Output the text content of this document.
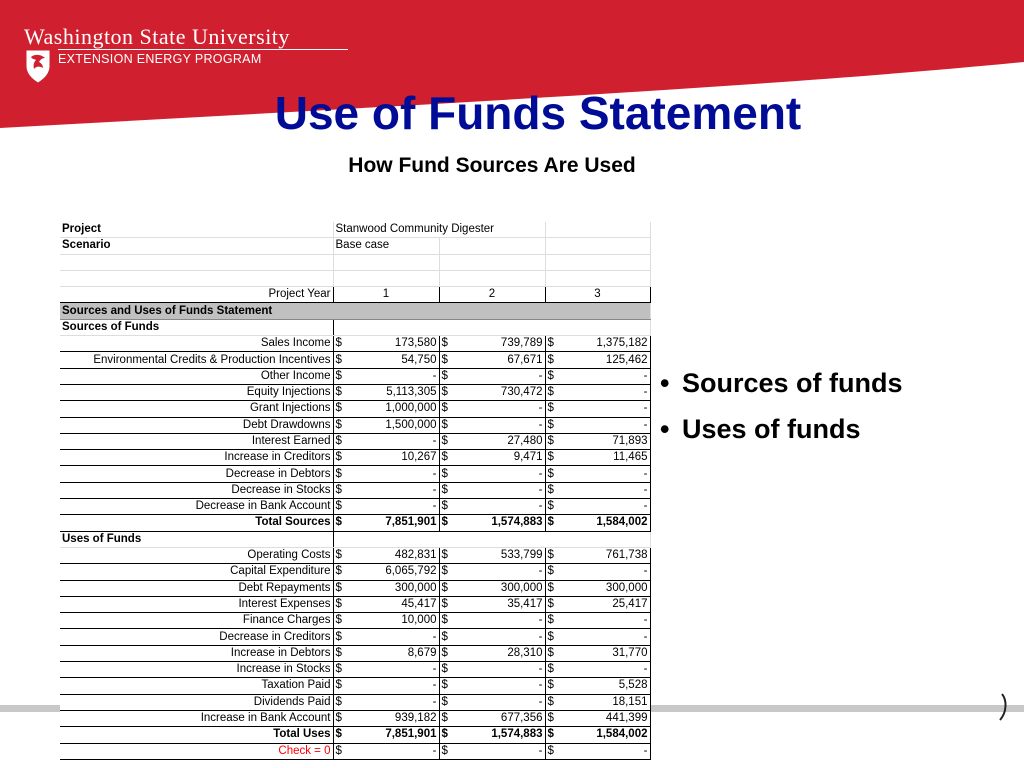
Washington State University
EXTENSION ENERGY PROGRAM
Use of Funds Statement
How Fund Sources Are Used
Project	Stanwood Community Digester					
Scenario	Base case					

Project Year	1		2		3	
Sources and Uses of Funds Statement						
Sources of Funds						
Sales Income	$	173,580	$	739,789	$	1,375,182
Environmental Credits & Production Incentives	$	54,750	$	67,671	$	125,462
Other Income	$	-	$	-	$	-
Equity Injections	$	5,113,305	$	730,472	$	-
Grant Injections	$	1,000,000	$	-	$	-
Debt Drawdowns	$	1,500,000	$	-	$	-
Interest Earned	$	-	$	27,480	$	71,893
Increase in Creditors	$	10,267	$	9,471	$	11,465
Decrease in Debtors	$	-	$	-	$	-
Decrease in Stocks	$	-	$	-	$	-
Decrease in Bank Account	$	-	$	-	$	-
Total Sources	$	7,851,901	$	1,574,883	$	1,584,002
Uses of Funds						
Operating Costs	$	482,831	$	533,799	$	761,738
Capital Expenditure	$	6,065,792	$	-	$	-
Debt Repayments	$	300,000	$	300,000	$	300,000
Interest Expenses	$	45,417	$	35,417	$	25,417
Finance Charges	$	10,000	$	-	$	-
Decrease in Creditors	$	-	$	-	$	-
Increase in Debtors	$	8,679	$	28,310	$	31,770
Increase in Stocks	$	-	$	-	$	-
Taxation Paid	$	-	$	-	$	5,528
Dividends Paid	$	-	$	-	$	18,151
Increase in Bank Account	$	939,182	$	677,356	$	441,399
Total Uses	$	7,851,901	$	1,574,883	$	1,584,002
Check = 0	$	-	$	-	$	-
• Sources of funds
• Uses of funds
